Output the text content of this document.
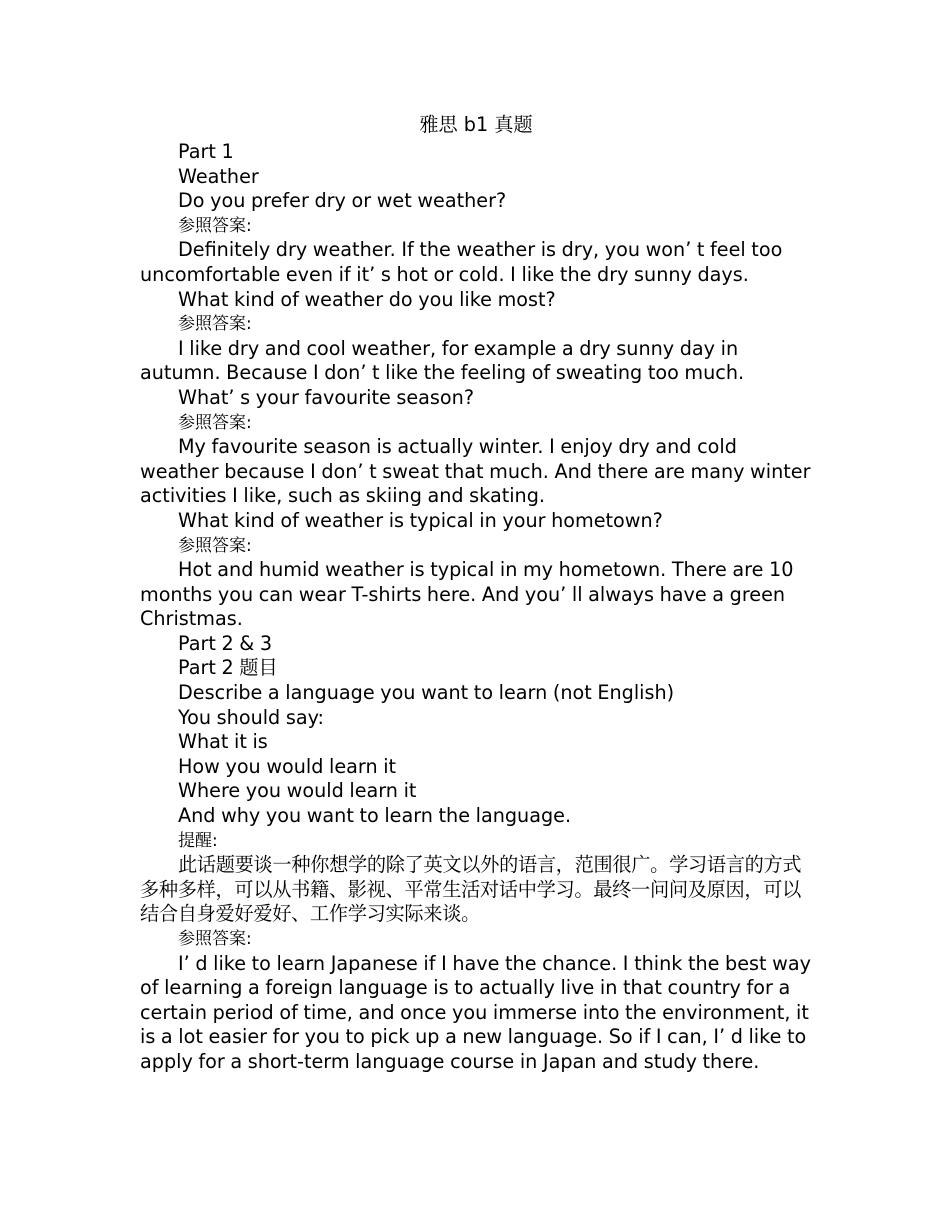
雅思 b1 真题

Part 1

Weather

Do you prefer dry or wet weather?

参照答案:

Definitely dry weather. If the weather is dry, you won’ t feel too uncomfortable even if it’ s hot or cold. I like the dry sunny days.

What kind of weather do you like most?

参照答案:

I like dry and cool weather, for example a dry sunny day in autumn. Because I don’ t like the feeling of sweating too much.

What’ s your favourite season?

参照答案:

My favourite season is actually winter. I enjoy dry and cold weather because I don’ t sweat that much. And there are many winter activities I like, such as skiing and skating.

What kind of weather is typical in your hometown?

参照答案:

Hot and humid weather is typical in my hometown. There are 10 months you can wear T-shirts here. And you’ ll always have a green Christmas.

Part 2 & 3

Part 2 题目

Describe a language you want to learn (not English)

You should say:

What it is

How you would learn it

Where you would learn it

And why you want to learn the language.

提醒:

此话题要谈一种你想学的除了英文以外的语言，范围很广。学习语言的方式多种多样，可以从书籍、影视、平常生活对话中学习。最终一问问及原因，可以结合自身爱好爱好、工作学习实际来谈。

参照答案:

I’ d like to learn Japanese if I have the chance. I think the best way of learning a foreign language is to actually live in that country for a certain period of time, and once you immerse into the environment, it is a lot easier for you to pick up a new language. So if I can, I’ d like to apply for a short-term language course in Japan and study there.
